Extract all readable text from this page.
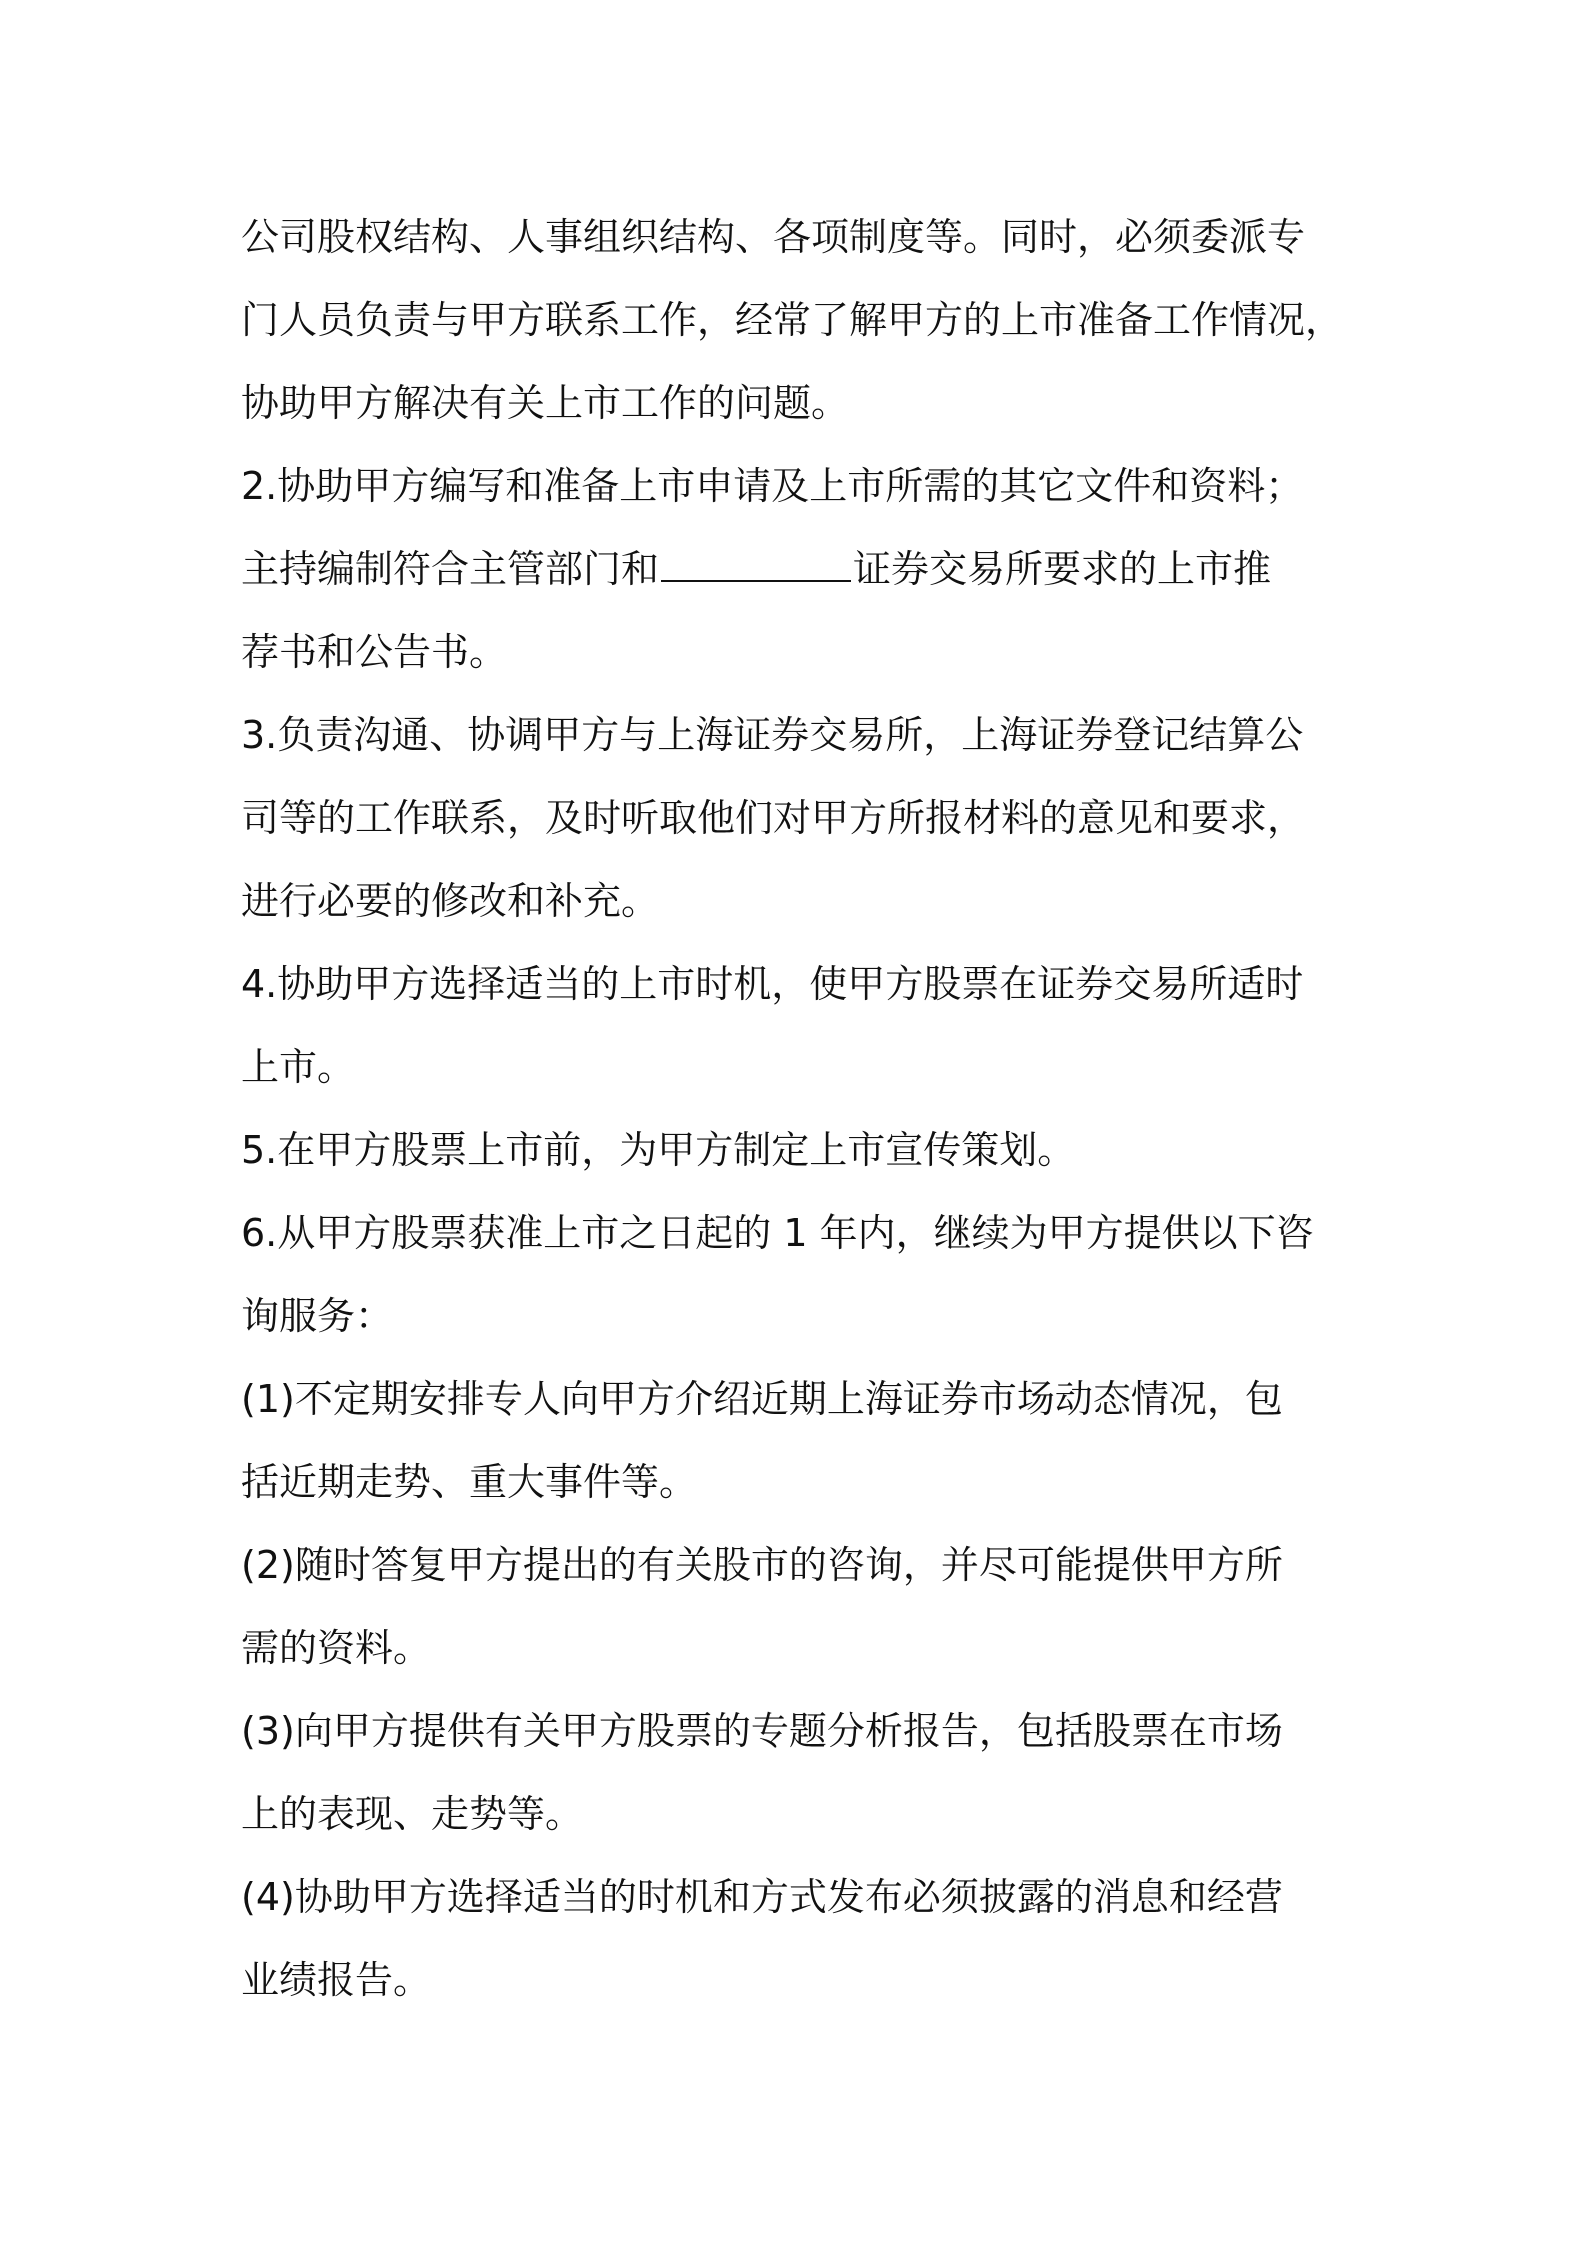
公司股权结构、人事组织结构、各项制度等。同时，必须委派专
门人员负责与甲方联系工作，经常了解甲方的上市准备工作情况，
协助甲方解决有关上市工作的问题。
2.协助甲方编写和准备上市申请及上市所需的其它文件和资料；
主持编制符合主管部门和	证券交易所要求的上市推
荐书和公告书。
3.负责沟通、协调甲方与上海证券交易所，上海证券登记结算公
司等的工作联系，及时听取他们对甲方所报材料的意见和要求，
进行必要的修改和补充。
4.协助甲方选择适当的上市时机，使甲方股票在证券交易所适时
上市。
5.在甲方股票上市前，为甲方制定上市宣传策划。
6.从甲方股票获准上市之日起的 1 年内，继续为甲方提供以下咨
询服务：
(1)不定期安排专人向甲方介绍近期上海证券市场动态情况，包
括近期走势、重大事件等。
(2)随时答复甲方提出的有关股市的咨询，并尽可能提供甲方所
需的资料。
(3)向甲方提供有关甲方股票的专题分析报告，包括股票在市场
上的表现、走势等。
(4)协助甲方选择适当的时机和方式发布必须披露的消息和经营
业绩报告。
